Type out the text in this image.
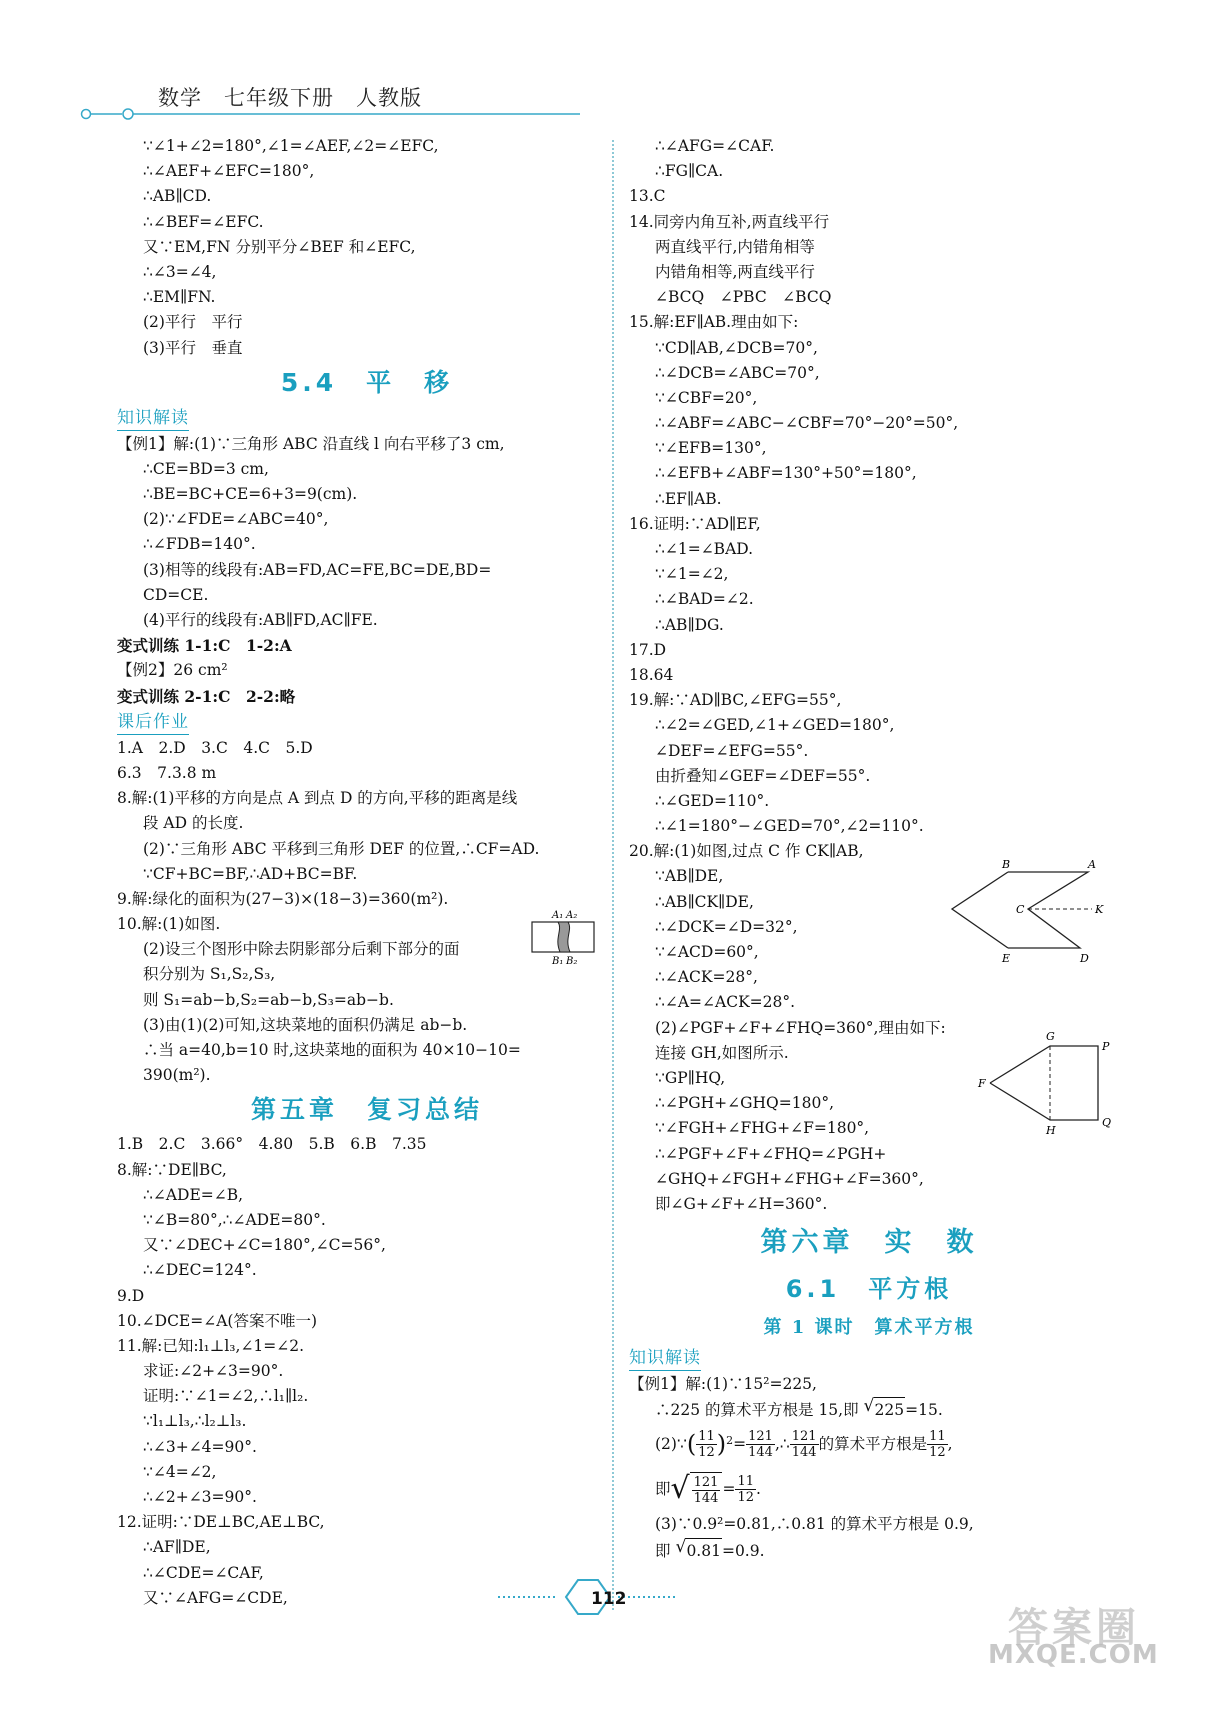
数学　七年级下册　人教版
∵∠1+∠2=180°,∠1=∠AEF,∠2=∠EFC,
∴∠AEF+∠EFC=180°,
∴AB∥CD.
∴∠BEF=∠EFC.
又∵EM,FN 分别平分∠BEF 和∠EFC,
∴∠3=∠4,
∴EM∥FN.
(2)平行　平行
(3)平行　垂直
5.4　平　移
知识解读
【例1】解:(1)∵三角形 ABC 沿直线 l 向右平移了3 cm,
∴CE=BD=3 cm,
∴BE=BC+CE=6+3=9(cm).
(2)∵∠FDE=∠ABC=40°,
∴∠FDB=140°.
(3)相等的线段有:AB=FD,AC=FE,BC=DE,BD=
CD=CE.
(4)平行的线段有:AB∥FD,AC∥FE.
变式训练 1-1:C　1-2:A
【例2】26 cm²
变式训练 2-1:C　2-2:略
课后作业
1.A　2.D　3.C　4.C　5.D
6.3　7.3.8 m
8.解:(1)平移的方向是点 A 到点 D 的方向,平移的距离是线
段 AD 的长度.
(2)∵三角形 ABC 平移到三角形 DEF 的位置,∴CF=AD.
∵CF+BC=BF,∴AD+BC=BF.
9.解:绿化的面积为(27−3)×(18−3)=360(m²).
10.解:(1)如图.
(2)设三个图形中除去阴影部分后剩下部分的面
积分别为 S₁,S₂,S₃,
则 S₁=ab−b,S₂=ab−b,S₃=ab−b.
(3)由(1)(2)可知,这块菜地的面积仍满足 ab−b.
∴当 a=40,b=10 时,这块菜地的面积为 40×10−10=
390(m²).
第五章　复习总结
1.B　2.C　3.66°　4.80　5.B　6.B　7.35
8.解:∵DE∥BC,
∴∠ADE=∠B,
∵∠B=80°,∴∠ADE=80°.
又∵∠DEC+∠C=180°,∠C=56°,
∴∠DEC=124°.
9.D
10.∠DCE=∠A(答案不唯一)
11.解:已知:l₁⊥l₃,∠1=∠2.
求证:∠2+∠3=90°.
证明:∵∠1=∠2,∴l₁∥l₂.
∵l₁⊥l₃,∴l₂⊥l₃.
∴∠3+∠4=90°.
∵∠4=∠2,
∴∠2+∠3=90°.
12.证明:∵DE⊥BC,AE⊥BC,
∴AF∥DE,
∴∠CDE=∠CAF,
又∵∠AFG=∠CDE,
A₁ A₂
B₁ B₂
∴∠AFG=∠CAF.
∴FG∥CA.
13.C
14.同旁内角互补,两直线平行
两直线平行,内错角相等
内错角相等,两直线平行
∠BCQ　∠PBC　∠BCQ
15.解:EF∥AB.理由如下:
∵CD∥AB,∠DCB=70°,
∴∠DCB=∠ABC=70°,
∵∠CBF=20°,
∴∠ABF=∠ABC−∠CBF=70°−20°=50°,
∵∠EFB=130°,
∴∠EFB+∠ABF=130°+50°=180°,
∴EF∥AB.
16.证明:∵AD∥EF,
∴∠1=∠BAD.
∵∠1=∠2,
∴∠BAD=∠2.
∴AB∥DG.
17.D
18.64
19.解:∵AD∥BC,∠EFG=55°,
∴∠2=∠GED,∠1+∠GED=180°,
∠DEF=∠EFG=55°.
由折叠知∠GEF=∠DEF=55°.
∴∠GED=110°.
∴∠1=180°−∠GED=70°,∠2=110°.
20.解:(1)如图,过点 C 作 CK∥AB,
∵AB∥DE,
∴AB∥CK∥DE,
∴∠DCK=∠D=32°,
∵∠ACD=60°,
∴∠ACK=28°,
∴∠A=∠ACK=28°.
(2)∠PGF+∠F+∠FHQ=360°,理由如下:
连接 GH,如图所示.
∵GP∥HQ,
∴∠PGH+∠GHQ=180°,
∵∠FGH+∠FHG+∠F=180°,
∴∠PGF+∠F+∠FHQ=∠PGH+
∠GHQ+∠FGH+∠FHG+∠F=360°,
即∠G+∠F+∠H=360°.
第六章　实　数
6.1　平方根
第 1 课时　算术平方根
知识解读
【例1】解:(1)∵15²=225,
∴225 的算术平方根是 15,即 √ 225=15.
(2)∵ ( $\frac{11}{12}$ ) $2 = \frac{121}{144}$ ,∴ $\frac{121}{144}$ 的算术平方根是 $\frac{11}{12}$ ,
即 √ $\frac{121}{144} = \frac{11}{12}$ .
(3)∵0.9²=0.81,∴0.81 的算术平方根是 0.9,
即 √ 0.81=0.9.
B	A
C	K
E	D
G
P
F
H
Q
112
答案圈
MXQE.COM
